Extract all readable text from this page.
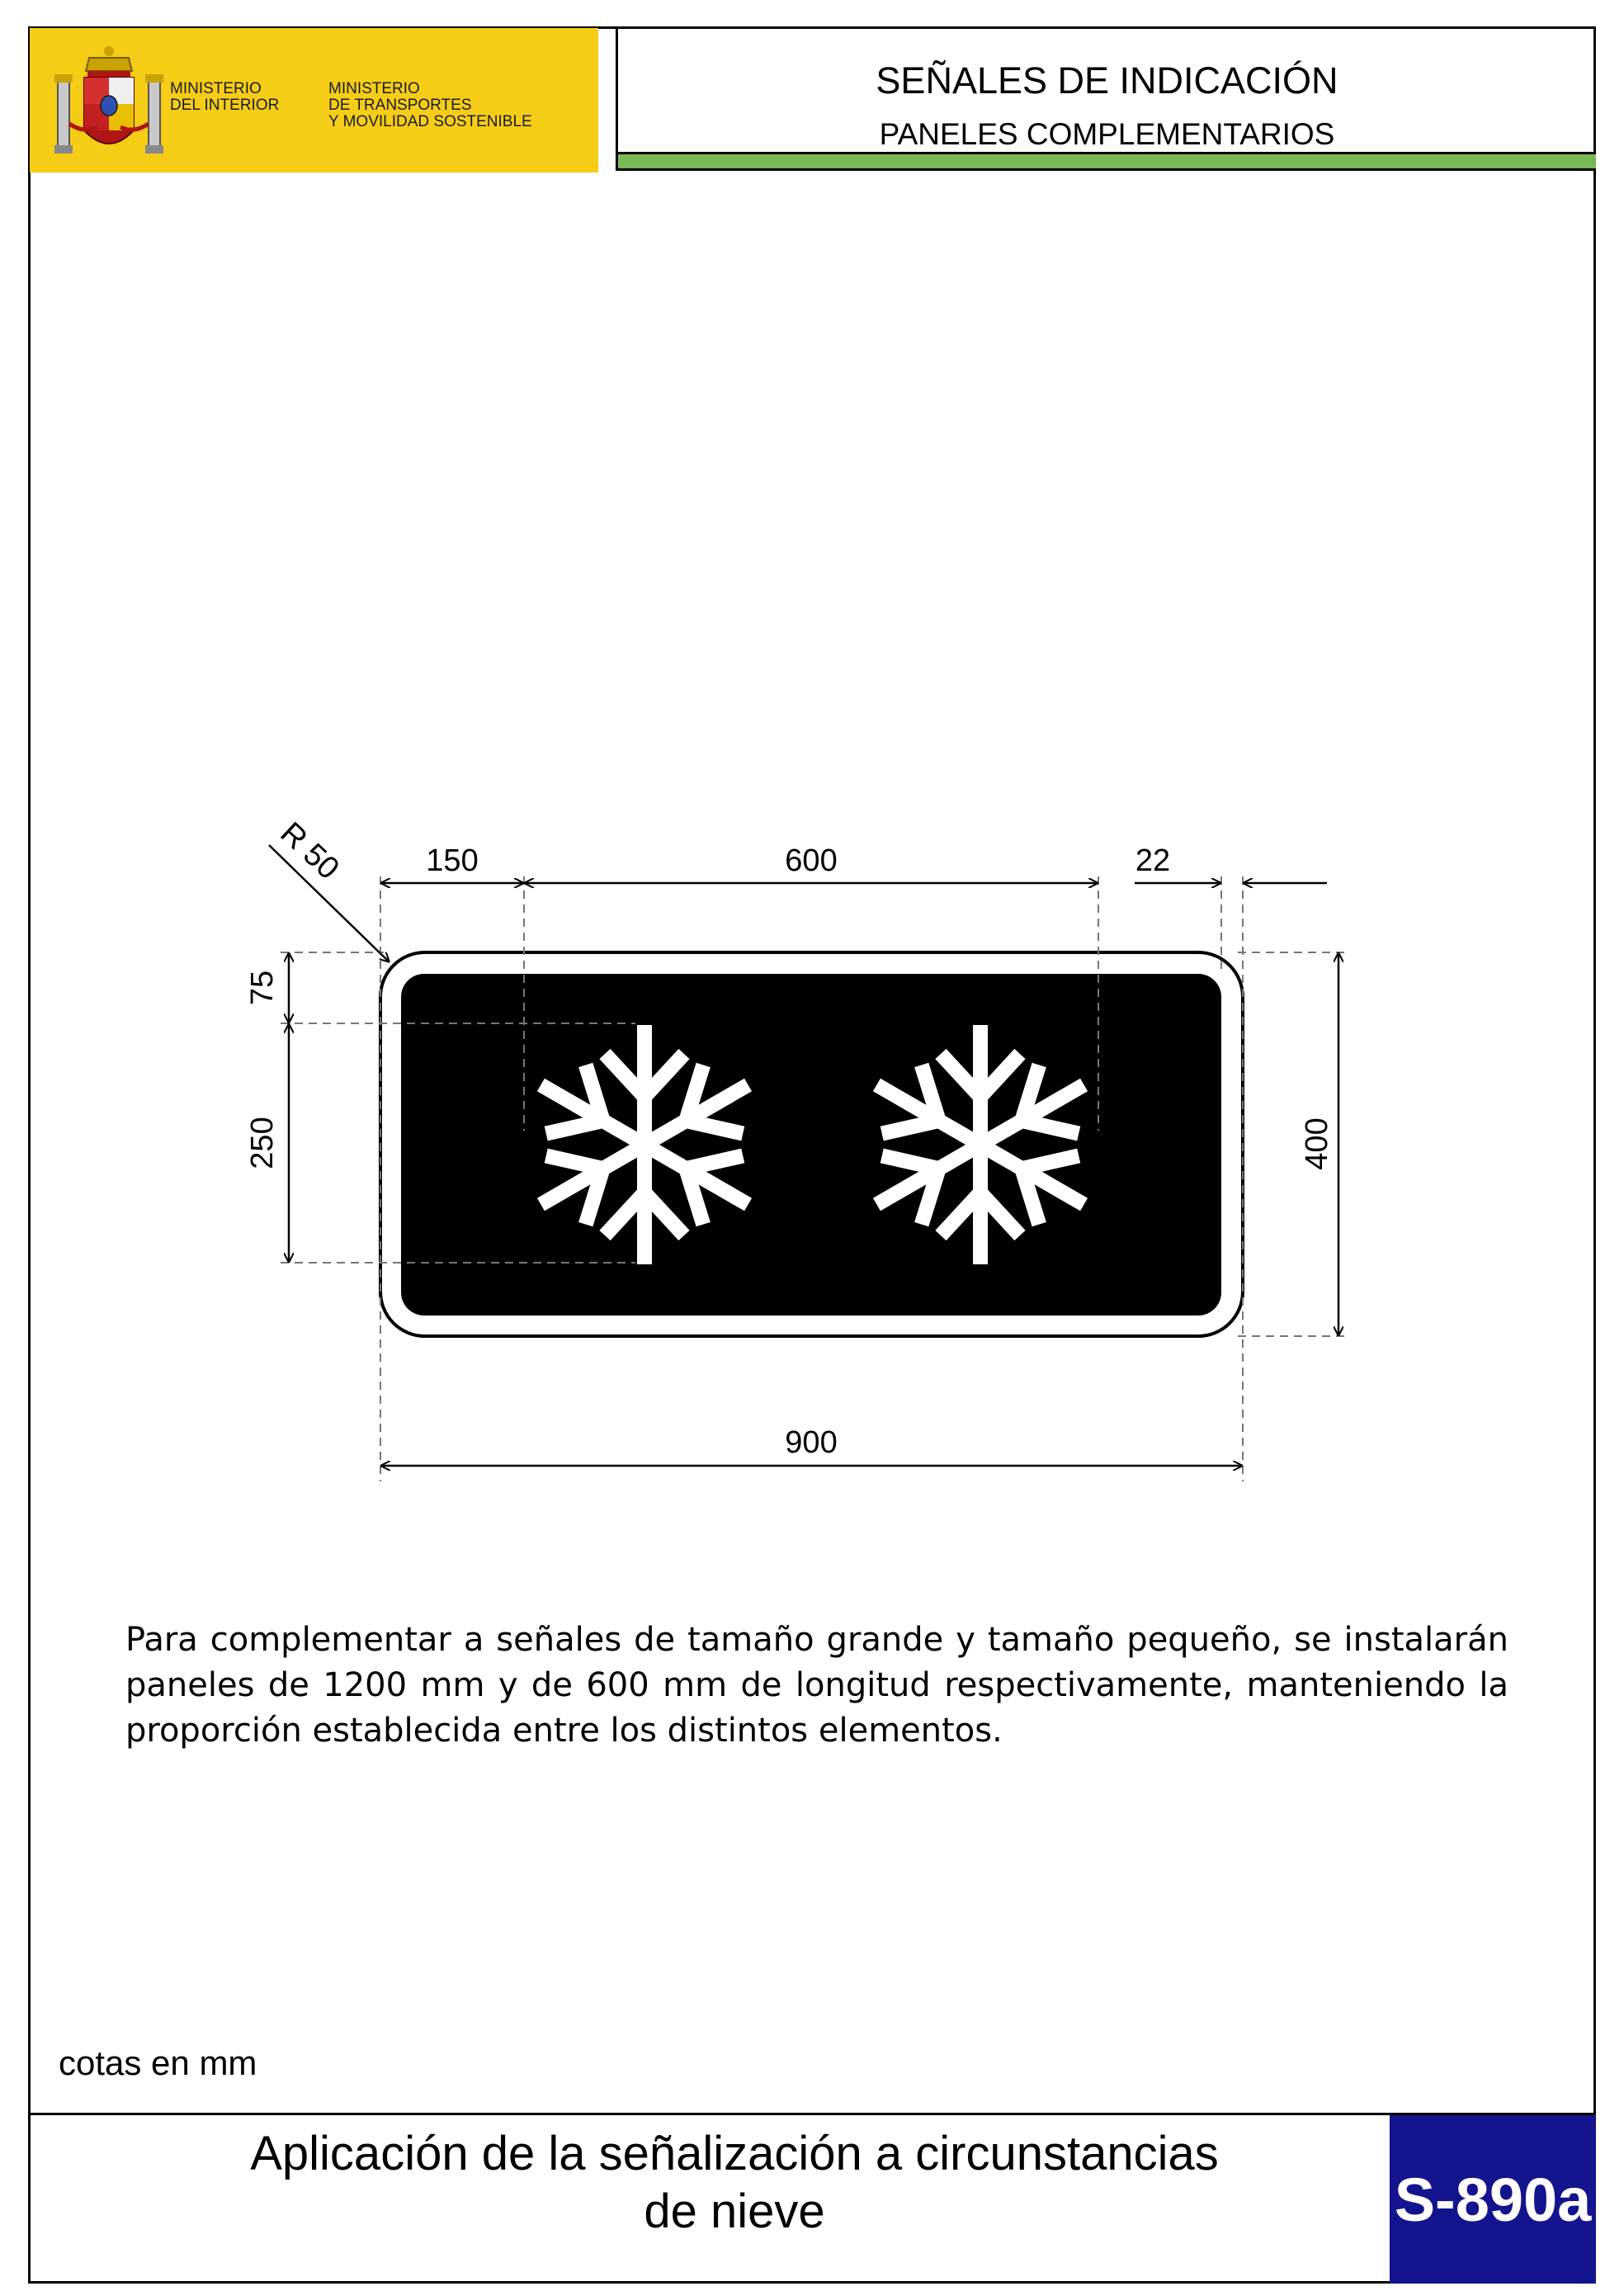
MINISTERIO
DEL INTERIOR
MINISTERIO
DE TRANSPORTES
Y MOVILIDAD SOSTENIBLE
SEÑALES DE INDICACIÓN
PANELES COMPLEMENTARIOS
150	600	22
900
75
250	400
R 50
Para complementar a señales de tamaño grande y tamaño pequeño, se instalarán paneles de 1200 mm y de 600 mm de longitud respectivamente, manteniendo la proporción establecida entre los distintos elementos.
cotas en mm
Aplicación de la señalización a circunstancias
de nieve	S-890a
